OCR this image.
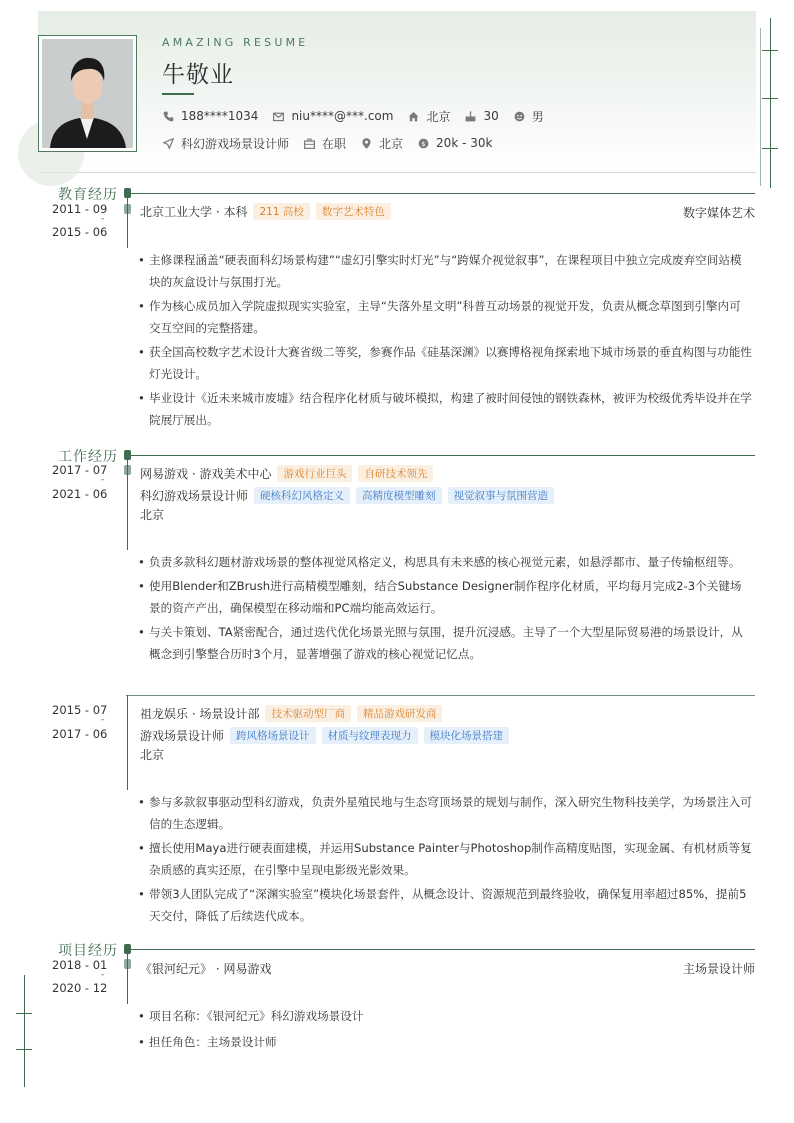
AMAZING RESUME
牛敬业
188****1034	niu****@***.com	北京	30	男
科幻游戏场景设计师	在职	北京 $ 20k - 30k
教育经历
2011 - 09
-
2015 - 06
北京工业大学 · 本科	211 高校	数字艺术特色	数字媒体艺术
• 主修课程涵盖“硬表面科幻场景构建”“虚幻引擎实时灯光”与“跨媒介视觉叙事”，在课程项目中独立完成废弃空间站模块的灰盒设计与氛围打光。
• 作为核心成员加入学院虚拟现实实验室，主导“失落外星文明”科普互动场景的视觉开发，负责从概念草图到引擎内可交互空间的完整搭建。
• 获全国高校数字艺术设计大赛省级二等奖，参赛作品《硅基深渊》以赛博格视角探索地下城市场景的垂直构图与功能性灯光设计。
• 毕业设计《近未来城市废墟》结合程序化材质与破坏模拟，构建了被时间侵蚀的钢铁森林，被评为校级优秀毕设并在学院展厅展出。
工作经历
2017 - 07
-
2021 - 06
网易游戏 · 游戏美术中心	游戏行业巨头	自研技术领先
科幻游戏场景设计师	硬核科幻风格定义	高精度模型雕刻	视觉叙事与氛围营造
北京
• 负责多款科幻题材游戏场景的整体视觉风格定义，构思具有未来感的核心视觉元素，如悬浮都市、量子传输枢纽等。
• 使用Blender和ZBrush进行高精模型雕刻，结合Substance Designer制作程序化材质，平均每月完成2-3个关键场景的资产产出，确保模型在移动端和PC端均能高效运行。
• 与关卡策划、TA紧密配合，通过迭代优化场景光照与氛围，提升沉浸感。主导了一个大型星际贸易港的场景设计，从概念到引擎整合历时3个月，显著增强了游戏的核心视觉记忆点。
2015 - 07
-
2017 - 06
祖龙娱乐 · 场景设计部	技术驱动型厂商	精品游戏研发商
游戏场景设计师	跨风格场景设计	材质与纹理表现力	模块化场景搭建
北京
• 参与多款叙事驱动型科幻游戏，负责外星殖民地与生态穹顶场景的规划与制作，深入研究生物科技美学，为场景注入可信的生态逻辑。
• 擅长使用Maya进行硬表面建模，并运用Substance Painter与Photoshop制作高精度贴图，实现金属、有机材质等复杂质感的真实还原，在引擎中呈现电影级光影效果。
• 带领3人团队完成了“深渊实验室”模块化场景套件，从概念设计、资源规范到最终验收，确保复用率超过85%，提前5天交付，降低了后续迭代成本。
项目经历
2018 - 01
-
2020 - 12
《银河纪元》 · 网易游戏	主场景设计师
• 项目名称：《银河纪元》科幻游戏场景设计
• 担任角色：主场景设计师
